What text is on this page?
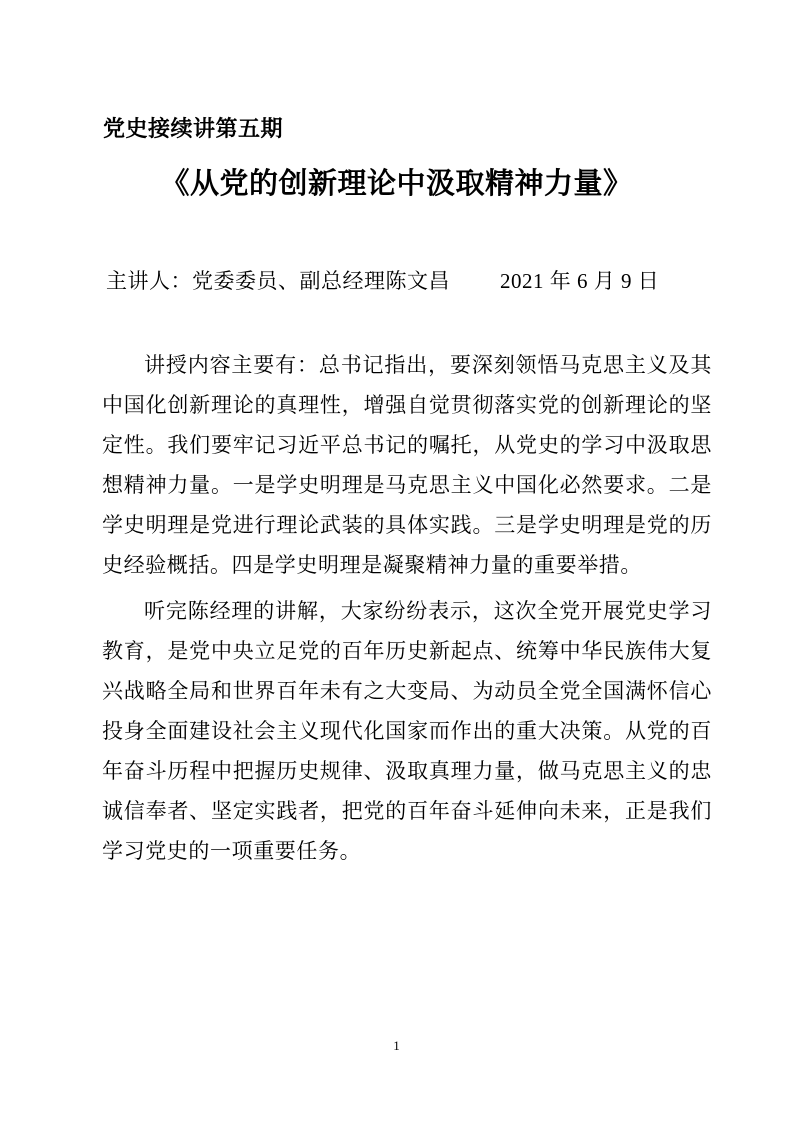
党史接续讲第五期
《从党的创新理论中汲取精神力量》
主讲人：党委委员、副总经理陈文昌 2021 年 6 月 9 日

讲授内容主要有：总书记指出，要深刻领悟马克思主义及其中国化创新理论的真理性，增强自觉贯彻落实党的创新理论的坚定性。我们要牢记习近平总书记的嘱托，从党史的学习中汲取思想精神力量。一是学史明理是马克思主义中国化必然要求。二是学史明理是党进行理论武装的具体实践。三是学史明理是党的历史经验概括。四是学史明理是凝聚精神力量的重要举措。

听完陈经理的讲解，大家纷纷表示，这次全党开展党史学习教育，是党中央立足党的百年历史新起点、统筹中华民族伟大复兴战略全局和世界百年未有之大变局、为动员全党全国满怀信心投身全面建设社会主义现代化国家而作出的重大决策。从党的百年奋斗历程中把握历史规律、汲取真理力量，做马克思主义的忠诚信奉者、坚定实践者，把党的百年奋斗延伸向未来，正是我们学习党史的一项重要任务。

1
